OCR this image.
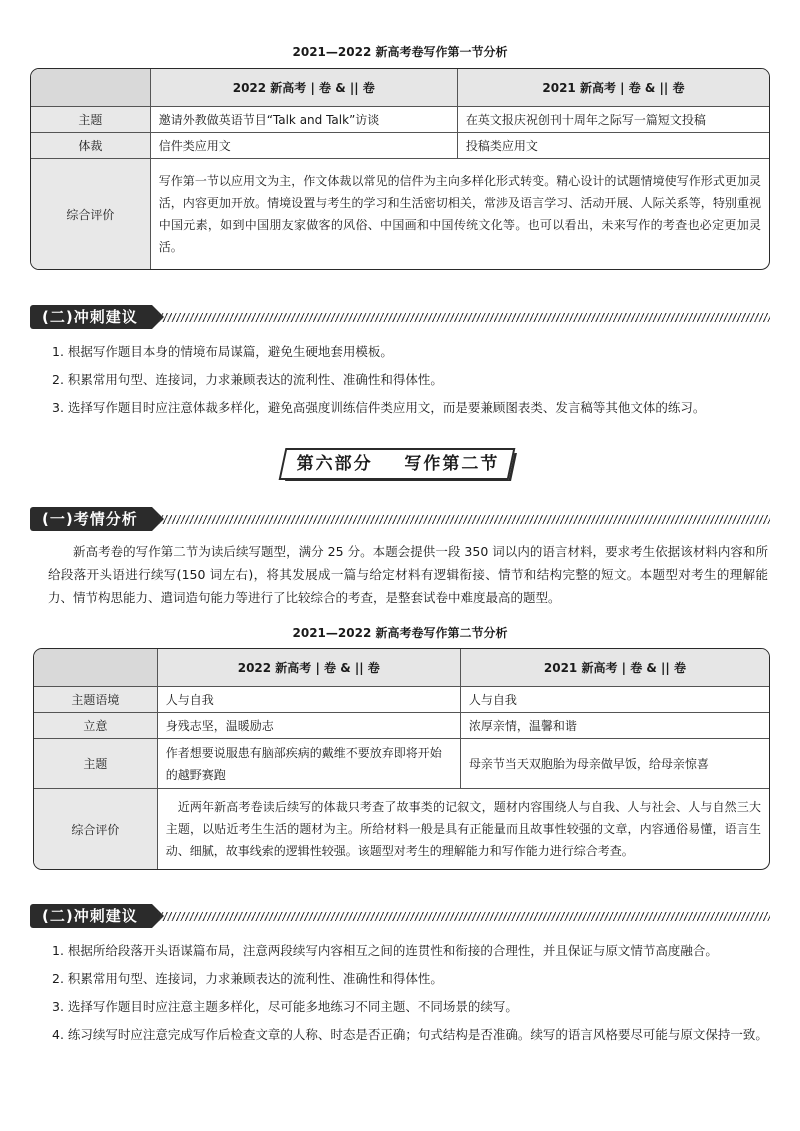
2021—2022 新高考卷写作第一节分析
	2022 新高考 | 卷 & || 卷	2021 新高考 | 卷 & || 卷
主题	邀请外教做英语节目“Talk and Talk”访谈	在英文报庆祝创刊十周年之际写一篇短文投稿
体裁	信件类应用文	投稿类应用文
综合评价	写作第一节以应用文为主，作文体裁以常见的信件为主向多样化形式转变。精心设计的试题情境使写作形式更加灵活，内容更加开放。情境设置与考生的学习和生活密切相关，常涉及语言学习、活动开展、人际关系等，特别重视中国元素，如到中国朋友家做客的风俗、中国画和中国传统文化等。也可以看出，未来写作的考查也必定更加灵活。	
(二)冲刺建议
1. 根据写作题目本身的情境布局谋篇，避免生硬地套用模板。
2. 积累常用句型、连接词，力求兼顾表达的流利性、准确性和得体性。
3. 选择写作题目时应注意体裁多样化，避免高强度训练信件类应用文，而是要兼顾图表类、发言稿等其他文体的练习。
第六部分    写作第二节
(一)考情分析
新高考卷的写作第二节为读后续写题型，满分 25 分。本题会提供一段 350 词以内的语言材料，要求考生依据该材料内容和所给段落开头语进行续写(150 词左右)，将其发展成一篇与给定材料有逻辑衔接、情节和结构完整的短文。本题型对考生的理解能力、情节构思能力、遣词造句能力等进行了比较综合的考查，是整套试卷中难度最高的题型。
2021—2022 新高考卷写作第二节分析
	2022 新高考 | 卷 & || 卷	2021 新高考 | 卷 & || 卷
主题语境	人与自我	人与自我
立意	身残志坚，温暖励志	浓厚亲情，温馨和谐
主题	作者想要说服患有脑部疾病的戴维不要放弃即将开始的越野赛跑	母亲节当天双胞胎为母亲做早饭，给母亲惊喜
综合评价	近两年新高考卷读后续写的体裁只考查了故事类的记叙文，题材内容围绕人与自我、人与社会、人与自然三大主题，以贴近考生生活的题材为主。所给材料一般是具有正能量而且故事性较强的文章，内容通俗易懂，语言生动、细腻，故事线索的逻辑性较强。该题型对考生的理解能力和写作能力进行综合考查。	
(二)冲刺建议
1. 根据所给段落开头语谋篇布局，注意两段续写内容相互之间的连贯性和衔接的合理性，并且保证与原文情节高度融合。
2. 积累常用句型、连接词，力求兼顾表达的流利性、准确性和得体性。
3. 选择写作题目时应注意主题多样化，尽可能多地练习不同主题、不同场景的续写。
4. 练习续写时应注意完成写作后检查文章的人称、时态是否正确；句式结构是否准确。续写的语言风格要尽可能与原文保持一致。
